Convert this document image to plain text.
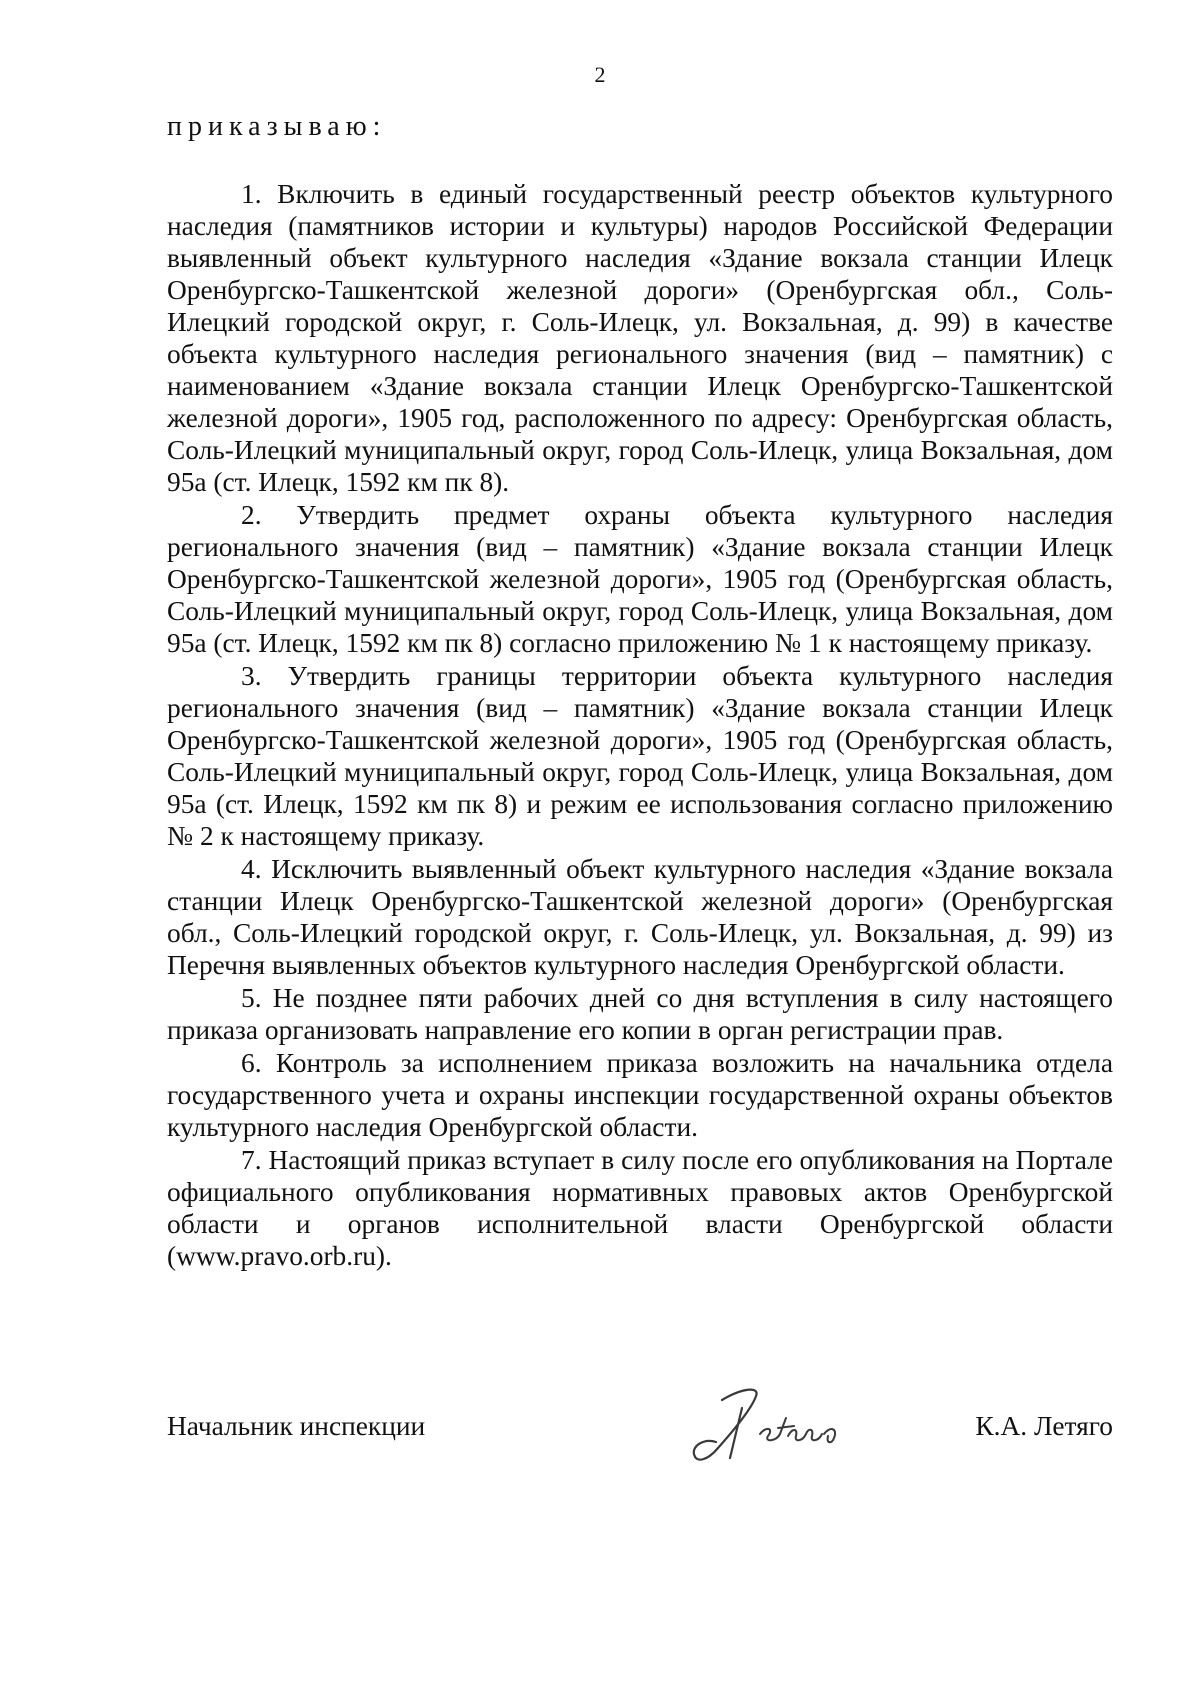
2
приказываю:

1. Включить в единый государственный реестр объектов культурного наследия (памятников истории и культуры) народов Российской Федерации выявленный объект культурного наследия «Здание вокзала станции Илецк Оренбургско-Ташкентской железной дороги» (Оренбургская обл., Соль-Илецкий городской округ, г. Соль-Илецк, ул. Вокзальная, д. 99) в качестве объекта культурного наследия регионального значения (вид – памятник) с наименованием «Здание вокзала станции Илецк Оренбургско-Ташкентской железной дороги», 1905 год, расположенного по адресу: Оренбургская область, Соль-Илецкий муниципальный округ, город Соль-Илецк, улица Вокзальная, дом 95а (ст. Илецк, 1592 км пк 8).

2. Утвердить предмет охраны объекта культурного наследия регионального значения (вид – памятник) «Здание вокзала станции Илецк Оренбургско-Ташкентской железной дороги», 1905 год (Оренбургская область, Соль-Илецкий муниципальный округ, город Соль-Илецк, улица Вокзальная, дом 95а (ст. Илецк, 1592 км пк 8) согласно приложению № 1 к настоящему приказу.

3. Утвердить границы территории объекта культурного наследия регионального значения (вид – памятник) «Здание вокзала станции Илецк Оренбургско-Ташкентской железной дороги», 1905 год (Оренбургская область, Соль-Илецкий муниципальный округ, город Соль-Илецк, улица Вокзальная, дом 95а (ст. Илецк, 1592 км пк 8) и режим ее использования согласно приложению № 2 к настоящему приказу.

4. Исключить выявленный объект культурного наследия «Здание вокзала станции Илецк Оренбургско-Ташкентской железной дороги» (Оренбургская обл., Соль-Илецкий городской округ, г. Соль-Илецк, ул. Вокзальная, д. 99) из Перечня выявленных объектов культурного наследия Оренбургской области.

5. Не позднее пяти рабочих дней со дня вступления в силу настоящего приказа организовать направление его копии в орган регистрации прав.

6. Контроль за исполнением приказа возложить на начальника отдела государственного учета и охраны инспекции государственной охраны объектов культурного наследия Оренбургской области.

7. Настоящий приказ вступает в силу после его опубликования на Портале официального опубликования нормативных правовых актов Оренбургской области и органов исполнительной власти Оренбургской области (www.pravo.orb.ru).

Начальник инспекции	К.А. Летяго
